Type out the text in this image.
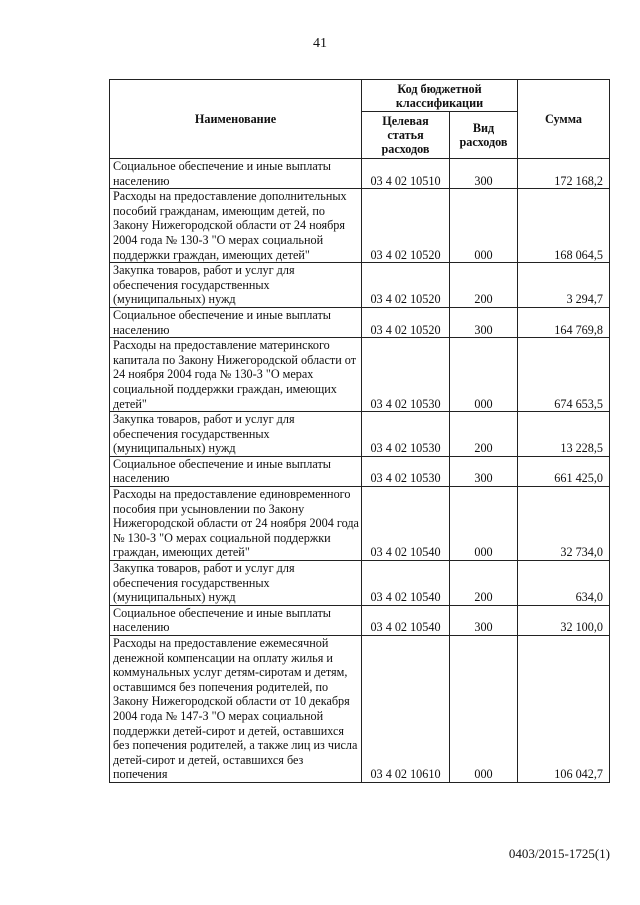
41
Наименование	Код бюджетной классификации		Сумма
	Целевая статья расходов	Вид расходов	
Социальное обеспечение и иные выплаты населению	03 4 02 10510	300	172 168,2
Расходы на предоставление дополнительных пособий гражданам, имеющим детей, по Закону Нижегородской области от 24 ноября 2004 года № 130-З "О мерах социальной поддержки граждан, имеющих детей"	03 4 02 10520	000	168 064,5
Закупка товаров, работ и услуг для обеспечения государственных (муниципальных) нужд	03 4 02 10520	200	3 294,7
Социальное обеспечение и иные выплаты населению	03 4 02 10520	300	164 769,8
Расходы на предоставление материнского капитала по Закону Нижегородской области от 24 ноября 2004 года № 130-З "О мерах социальной поддержки граждан, имеющих детей"	03 4 02 10530	000	674 653,5
Закупка товаров, работ и услуг для обеспечения государственных (муниципальных) нужд	03 4 02 10530	200	13 228,5
Социальное обеспечение и иные выплаты населению	03 4 02 10530	300	661 425,0
Расходы на предоставление единовременного пособия при усыновлении по Закону Нижегородской области от 24 ноября 2004 года № 130-З "О мерах социальной поддержки граждан, имеющих детей"	03 4 02 10540	000	32 734,0
Закупка товаров, работ и услуг для обеспечения государственных (муниципальных) нужд	03 4 02 10540	200	634,0
Социальное обеспечение и иные выплаты населению	03 4 02 10540	300	32 100,0
Расходы на предоставление ежемесячной денежной компенсации на оплату жилья и коммунальных услуг детям-сиротам и детям, оставшимся без попечения родителей, по Закону Нижегородской области от 10 декабря 2004 года № 147-З "О мерах социальной поддержки детей-сирот и детей, оставшихся без попечения родителей, а также лиц из числа детей-сирот и детей, оставшихся без попечения	03 4 02 10610	000	106 042,7
0403/2015-1725(1)
